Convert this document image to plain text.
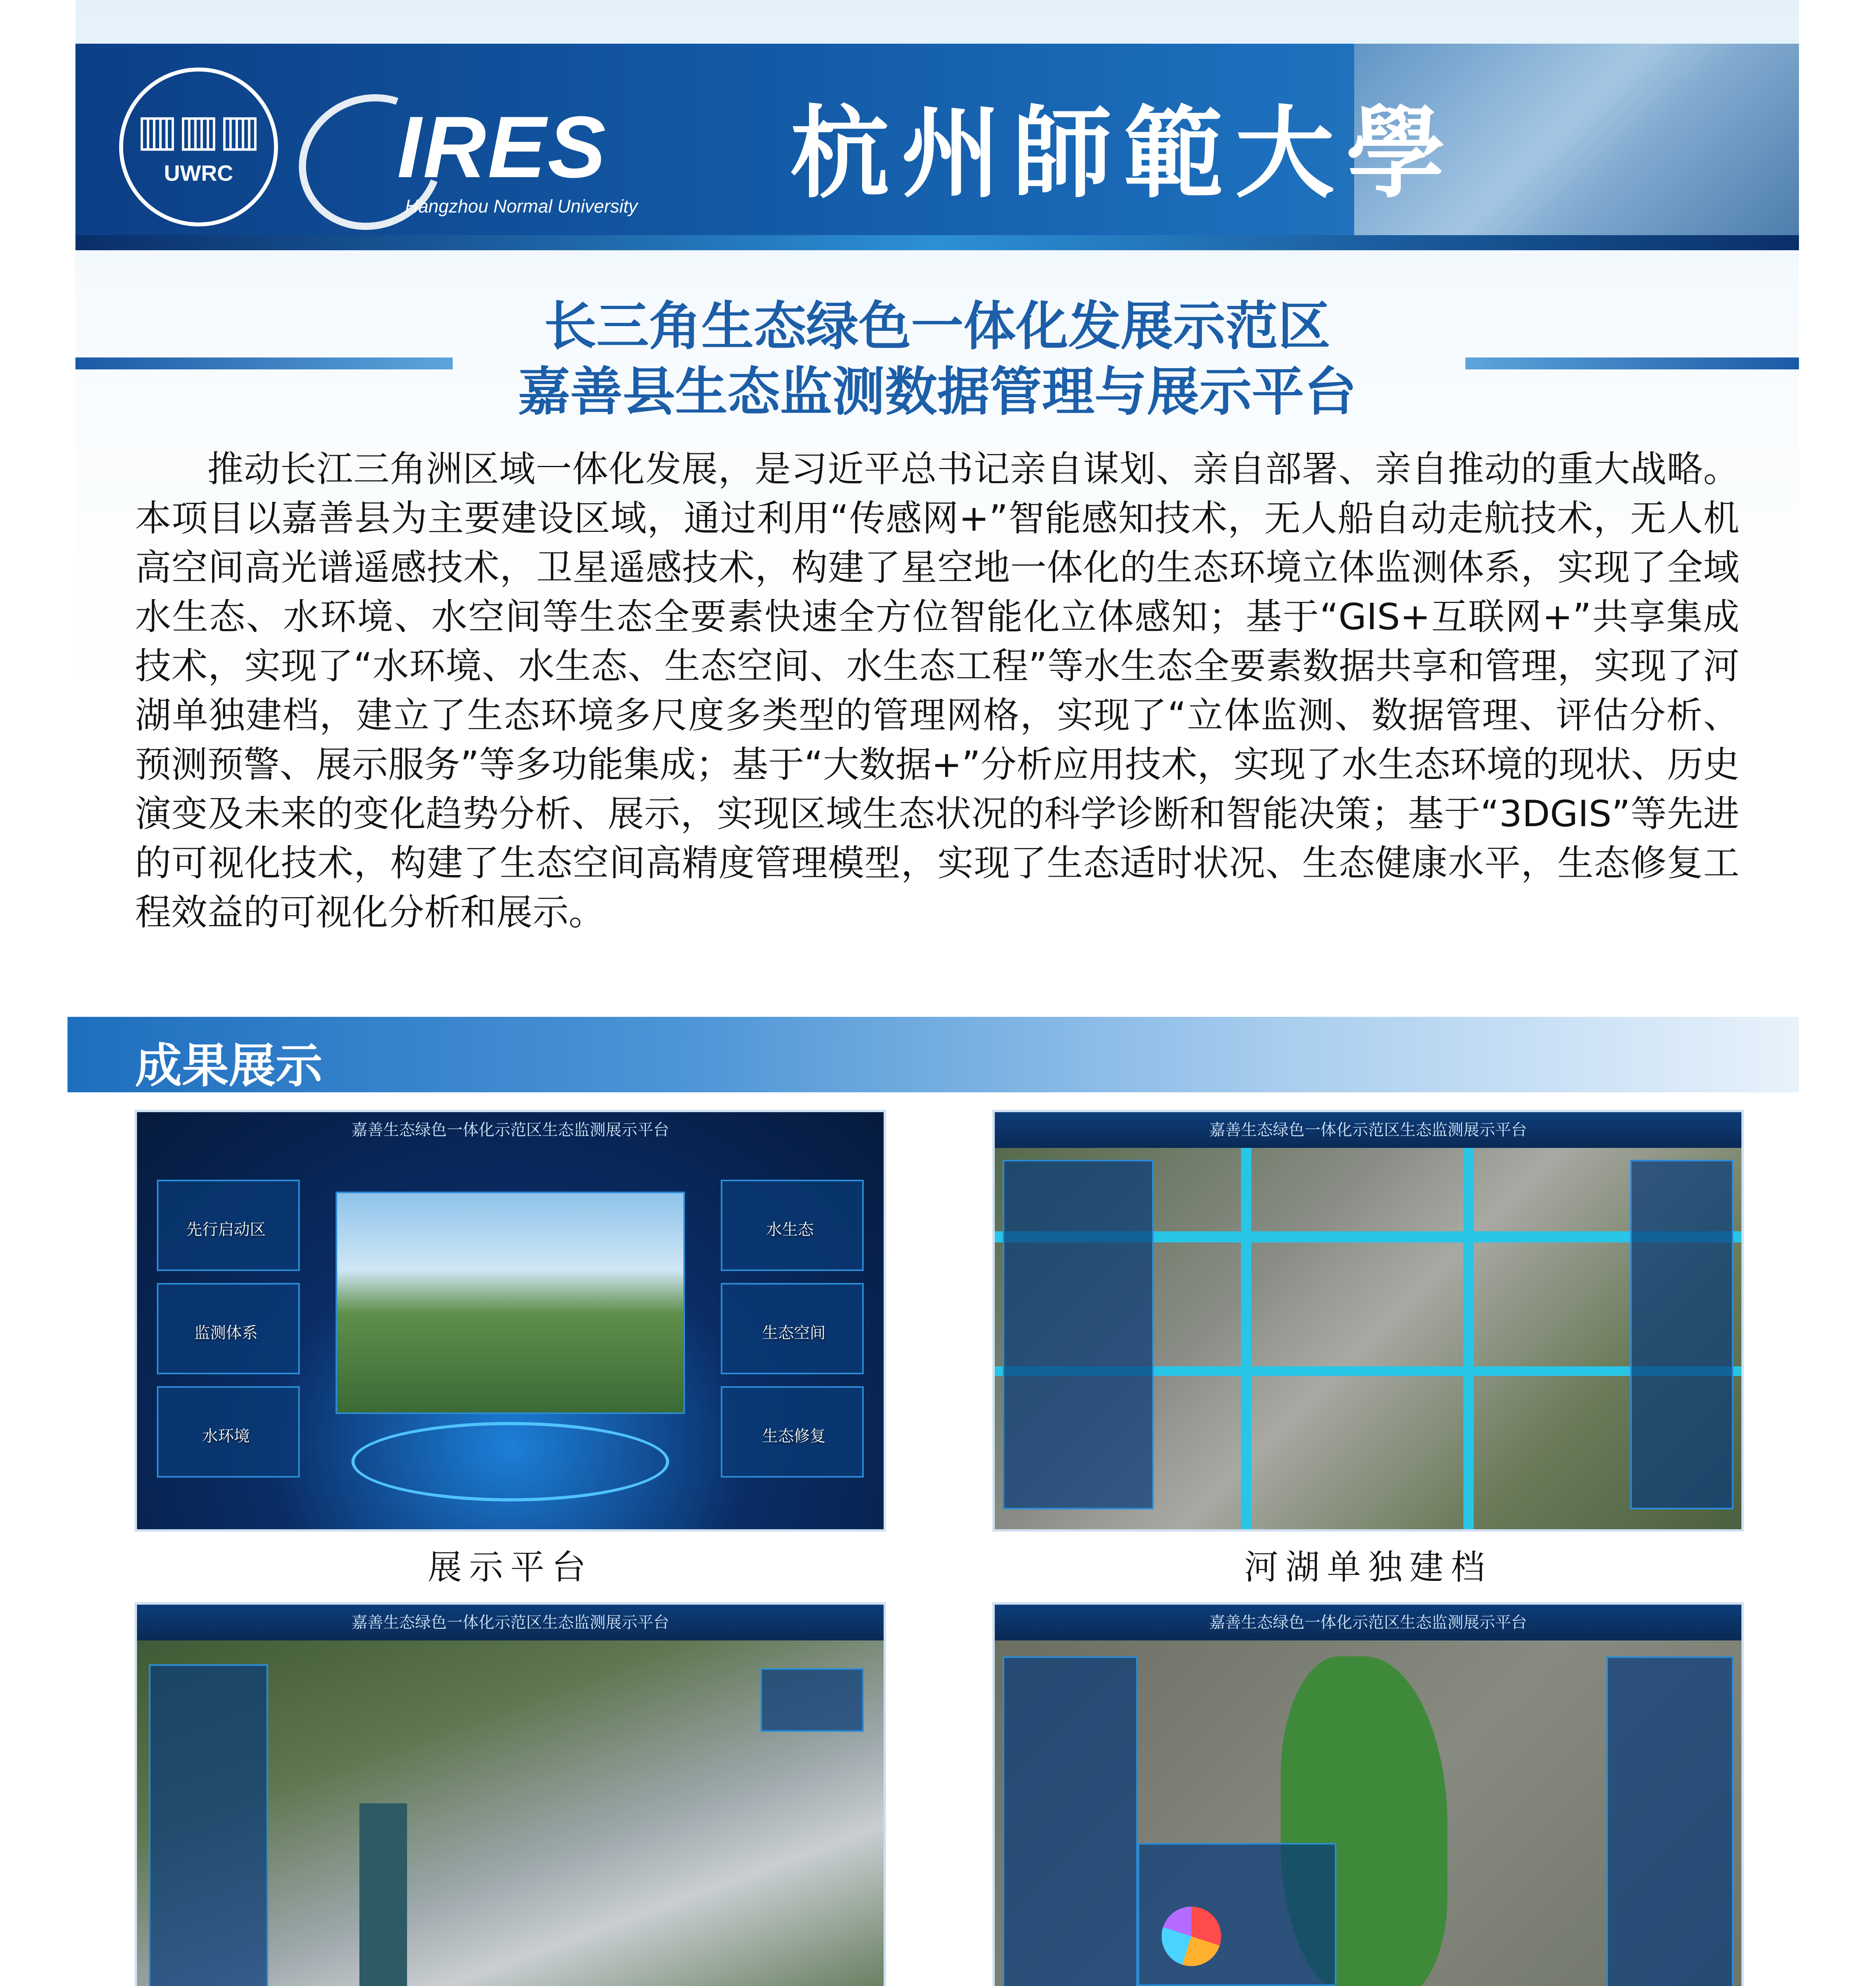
▥▥▥
UWRC IRES
Hangzhou Normal University 杭州師範大學
长三角生态绿色一体化发展示范区
嘉善县生态监测数据管理与展示平台

推动长江三角洲区域一体化发展，是习近平总书记亲自谋划、亲自部署、亲自推动的重大战略。本项目以嘉善县为主要建设区域，通过利用“传感网+”智能感知技术，无人船自动走航技术，无人机高空间高光谱遥感技术，卫星遥感技术，构建了星空地一体化的生态环境立体监测体系，实现了全域水生态、水环境、水空间等生态全要素快速全方位智能化立体感知；基于“GIS+互联网+”共享集成技术，实现了“水环境、水生态、生态空间、水生态工程”等水生态全要素数据共享和管理，实现了河湖单独建档，建立了生态环境多尺度多类型的管理网格，实现了“立体监测、数据管理、评估分析、预测预警、展示服务”等多功能集成；基于“大数据+”分析应用技术，实现了水生态环境的现状、历史演变及未来的变化趋势分析、展示，实现区域生态状况的科学诊断和智能决策；基于“3DGIS”等先进的可视化技术，构建了生态空间高精度管理模型，实现了生态适时状况、生态健康水平，生态修复工程效益的可视化分析和展示。

成果展示
嘉善生态绿色一体化示范区生态监测展示平台
先行启动区
监测体系
水环境
水生态
生态空间
生态修复
展示平台
嘉善生态绿色一体化示范区生态监测展示平台
河湖单独建档
嘉善生态绿色一体化示范区生态监测展示平台	嘉善生态绿色一体化示范区生态监测展示平台
